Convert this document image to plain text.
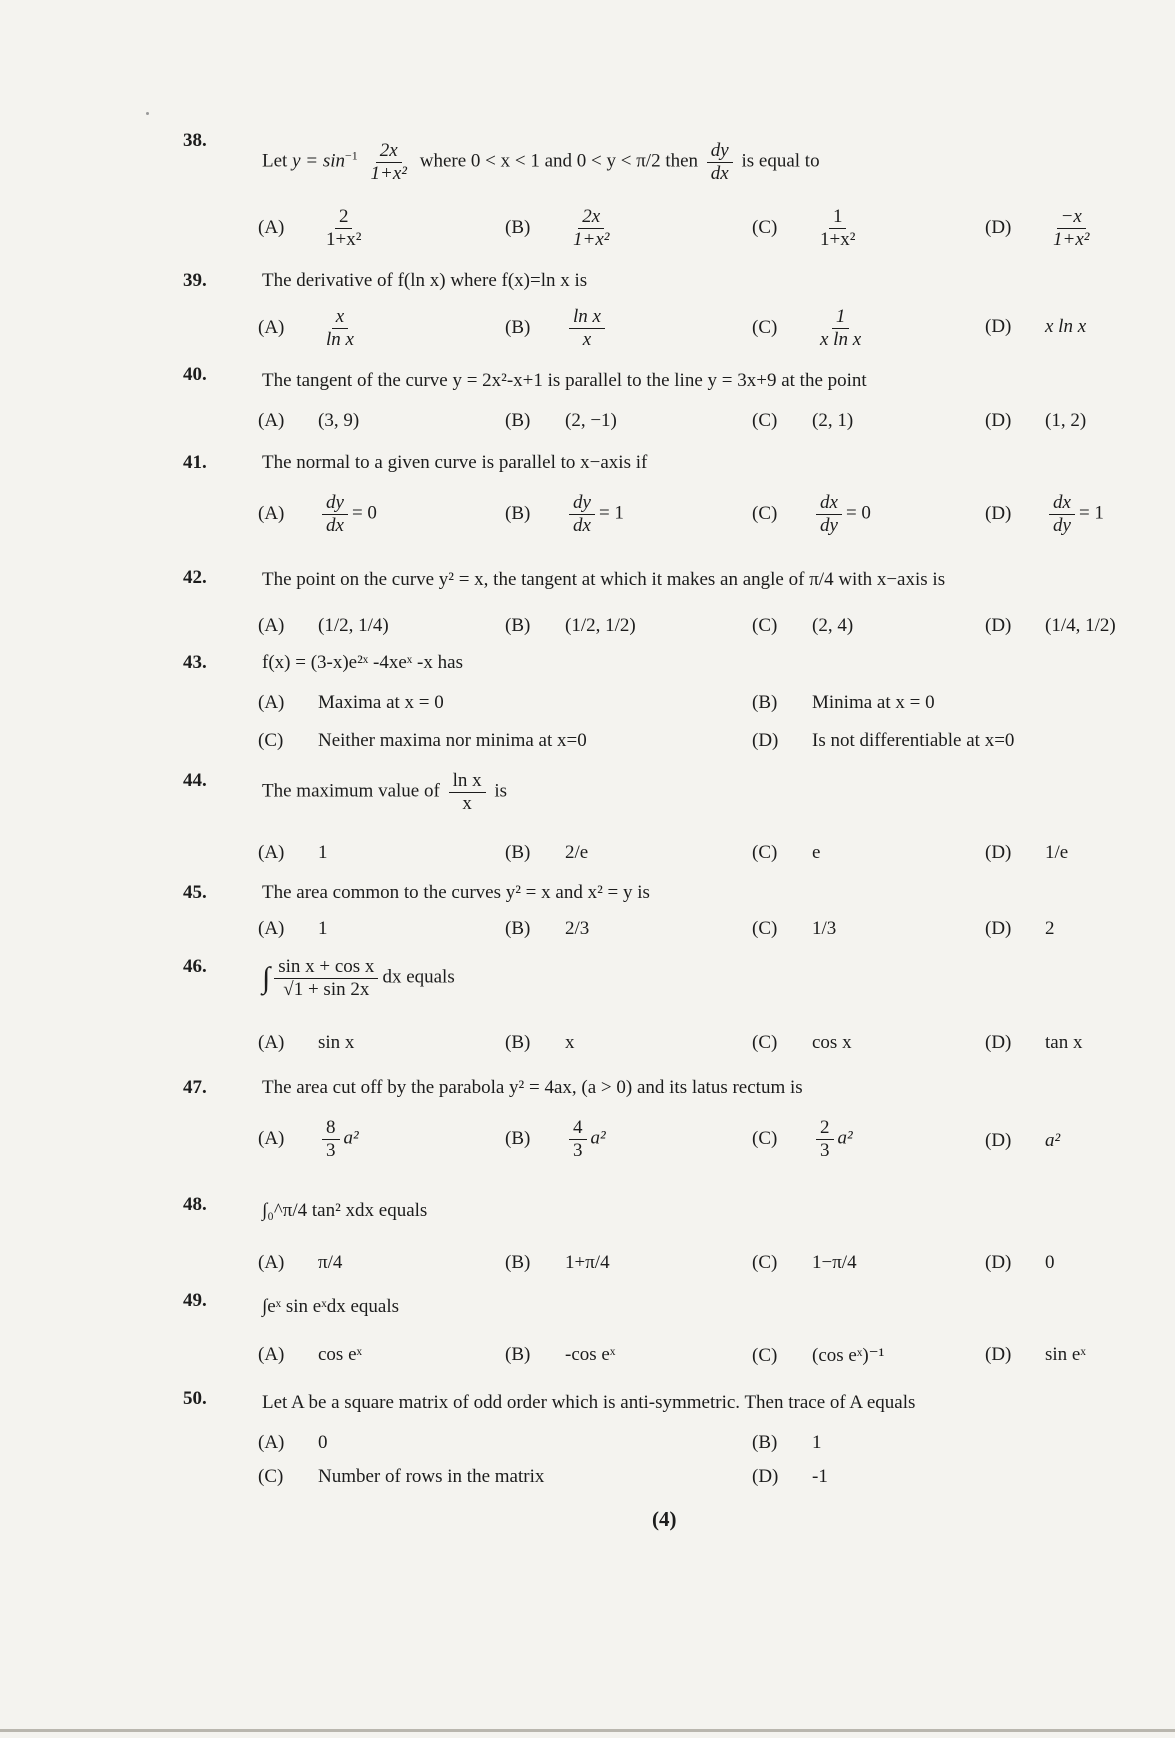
38.
Let $y = \sin^{-1} \frac{2x}{\text{1+x²}}$ where 0 < x < 1 and 0 < y < π/2 then $\frac{dy}{dx}$ is equal to
$(A) \frac{2}{\text{1+x²}}$	$(B) \frac{2x}{\text{1+x²}}$	$(C) \frac{1}{\text{1+x²}}$	$(D) \frac{-x}{\text{1+x²}}$
39.	The derivative of f(ln x) where f(x)=ln x is
$(A) \frac{x}{\text{ln x}}$	$(B) \frac{\text{ln x}}{x}$	$(C) \frac{1}{\text{x ln x}}$	(D) x ln x
40.	The tangent of the curve y = 2x²-x+1 is parallel to the line y = 3x+9 at the point
(A) (3, 9)	(B) (2, −1)	(C) (2, 1)	(D) (1, 2)
41.	The normal to a given curve is parallel to x−axis if
$(A) \frac{dy}{dx} = 0$	$(B) \frac{dy}{dx} = 1$	$(C) \frac{dx}{dy} = 0$	$(D) \frac{dx}{dy} = 1$
42.	The point on the curve y² = x, the tangent at which it makes an angle of π/4 with x−axis is
(A) (1/2, 1/4)	(B) (1/2, 1/2)	(C) (2, 4)	(D) (1/4, 1/2)
43.	f(x) = (3-x)e²ˣ -4xeˣ -x has
(A) Maxima at x = 0	(B) Minima at x = 0
(C) Neither maxima nor minima at x=0	(D) Is not differentiable at x=0
44.
The maximum value of $\frac{\text{ln x}}{x}$ is
(A) 1	(B) 2/e	(C) e	(D) 1/e
45.	The area common to the curves y² = x and x² = y is
(A) 1	(B) 2/3	(C) 1/3	(D) 2
46. ∫ $\frac{\text{sin x + cos x}}{√1 + \sin 2x}$ dx equals
(A) sin x	(B) x	(C) cos x	(D) tan x
47.	The area cut off by the parabola y² = 4ax, (a > 0) and its latus rectum is
$(A) \frac{8}{3} a^2$	$(B) \frac{4}{3} a^2$	$(C) \frac{2}{3} a^2$	(D) a²
48.	∫₀^π/4 tan² xdx equals
(A) π/4	(B) 1+π/4	(C) 1−π/4	(D) 0
49.	∫eˣ sin eˣdx equals
(A) cos eˣ	(B) -cos eˣ	(C) (cos eˣ)⁻¹	(D) sin eˣ
50.	Let A be a square matrix of odd order which is anti-symmetric. Then trace of A equals
(A) 0	(B) 1
(C) Number of rows in the matrix	(D) -1
(4)
